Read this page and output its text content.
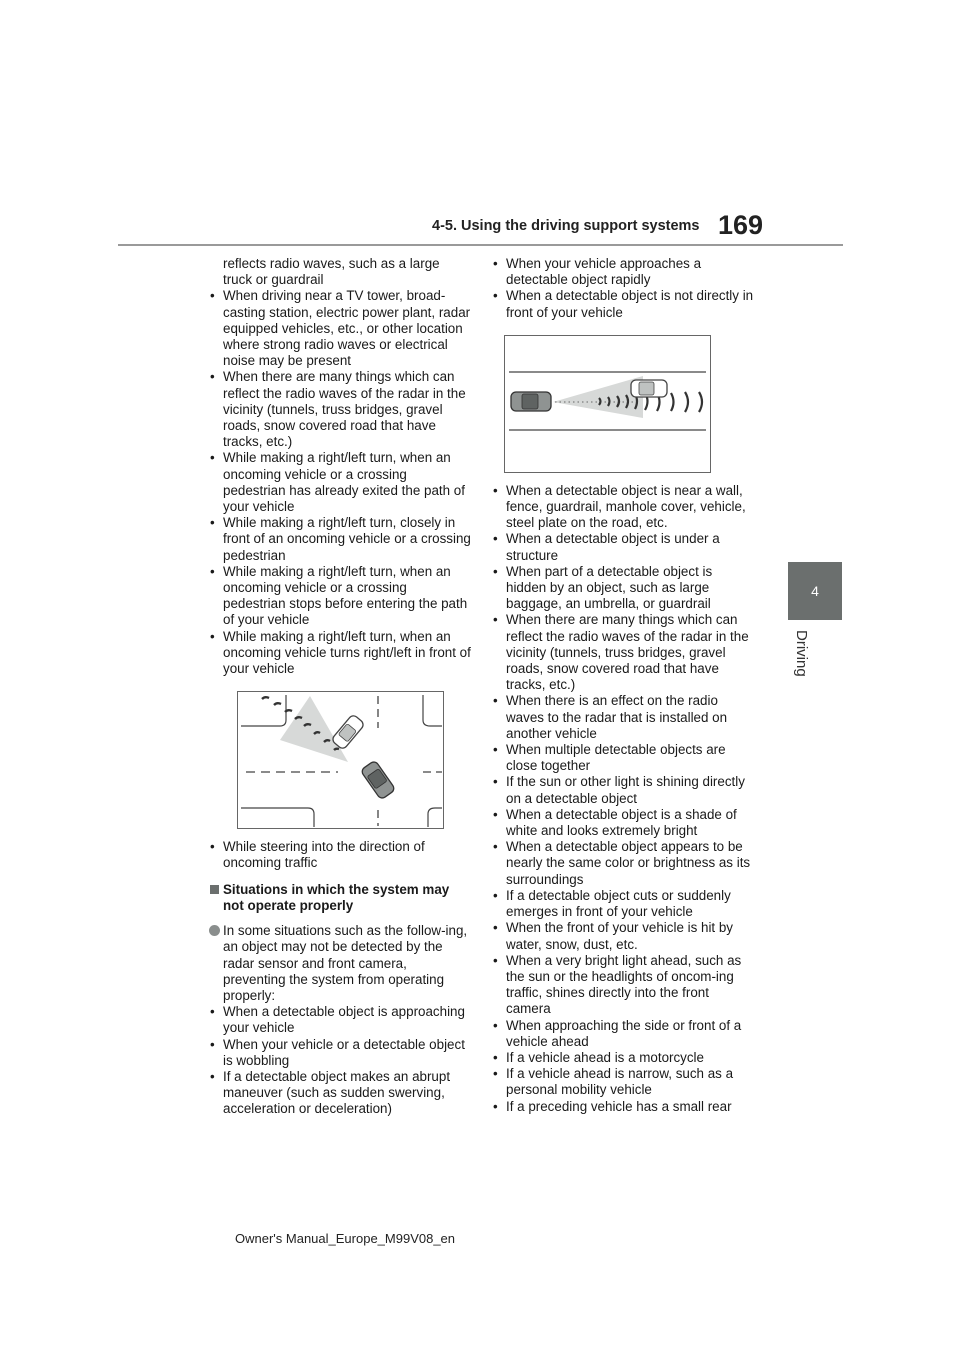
4-5. Using the driving support systems 169
4
Driving
reflects radio waves, such as a large truck or guardrail
• When driving near a TV tower, broad-casting station, electric power plant, radar equipped vehicles, etc., or other location where strong radio waves or electrical noise may be present
• When there are many things which can reflect the radio waves of the radar in the vicinity (tunnels, truss bridges, gravel roads, snow covered road that have tracks, etc.)
• While making a right/left turn, when an oncoming vehicle or a crossing pedestrian has already exited the path of your vehicle
• While making a right/left turn, closely in front of an oncoming vehicle or a crossing pedestrian
• While making a right/left turn, when an oncoming vehicle or a crossing pedestrian stops before entering the path of your vehicle
• While making a right/left turn, when an oncoming vehicle turns right/left in front of your vehicle
• While steering into the direction of oncoming traffic
Situations in which the system may not operate properly
In some situations such as the follow-ing, an object may not be detected by the radar sensor and front camera, preventing the system from operating properly:
• When a detectable object is approaching your vehicle
• When your vehicle or a detectable object is wobbling
• If a detectable object makes an abrupt maneuver (such as sudden swerving, acceleration or deceleration)
• When your vehicle approaches a detectable object rapidly
• When a detectable object is not directly in front of your vehicle
• When a detectable object is near a wall, fence, guardrail, manhole cover, vehicle, steel plate on the road, etc.
• When a detectable object is under a structure
• When part of a detectable object is hidden by an object, such as large baggage, an umbrella, or guardrail
• When there are many things which can reflect the radio waves of the radar in the vicinity (tunnels, truss bridges, gravel roads, snow covered road that have tracks, etc.)
• When there is an effect on the radio waves to the radar that is installed on another vehicle
• When multiple detectable objects are close together
• If the sun or other light is shining directly on a detectable object
• When a detectable object is a shade of white and looks extremely bright
• When a detectable object appears to be nearly the same color or brightness as its surroundings
• If a detectable object cuts or suddenly emerges in front of your vehicle
• When the front of your vehicle is hit by water, snow, dust, etc.
• When a very bright light ahead, such as the sun or the headlights of oncom-ing traffic, shines directly into the front camera
• When approaching the side or front of a vehicle ahead
• If a vehicle ahead is a motorcycle
• If a vehicle ahead is narrow, such as a personal mobility vehicle
• If a preceding vehicle has a small rear
Owner's Manual_Europe_M99V08_en
